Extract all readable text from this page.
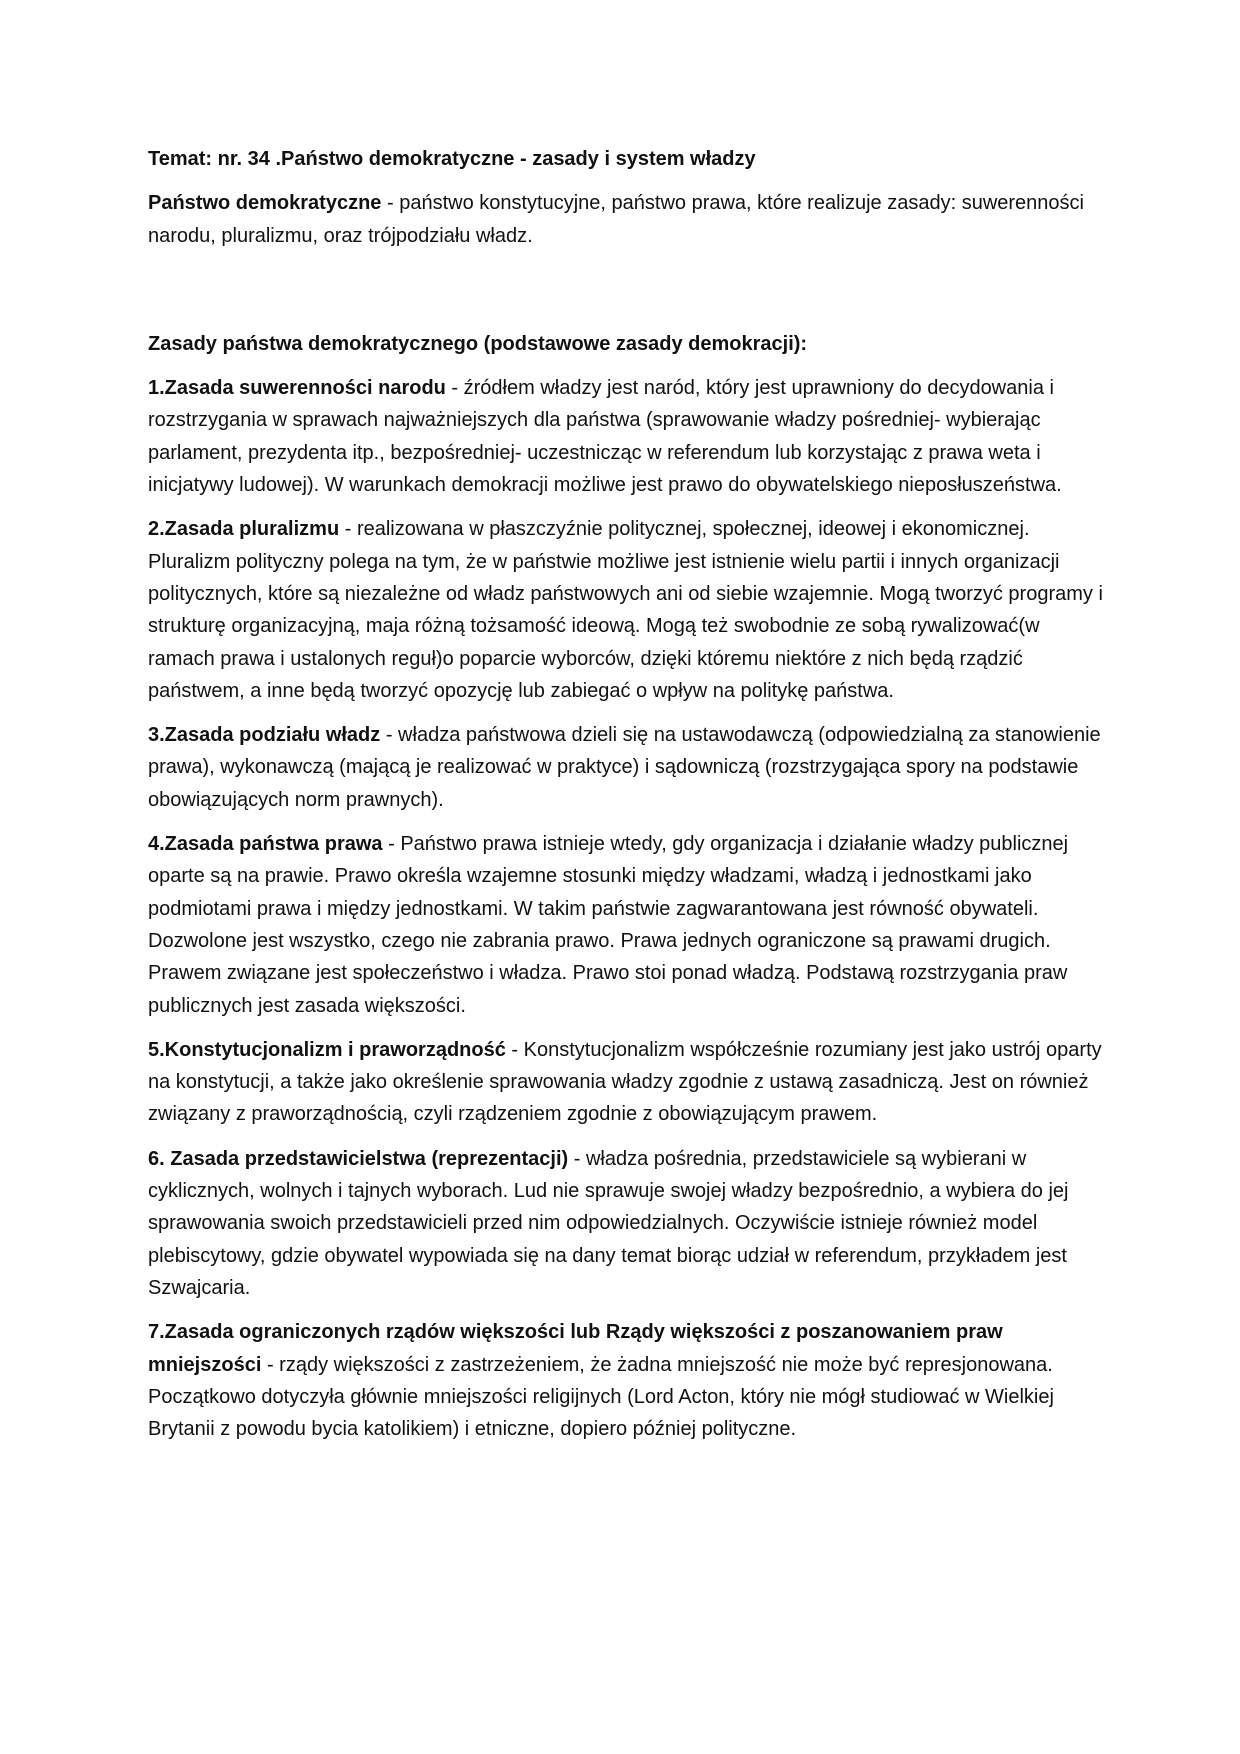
Temat: nr. 34 .Państwo demokratyczne - zasady i system władzy

Państwo demokratyczne - państwo konstytucyjne, państwo prawa, które realizuje zasady: suwerenności narodu, pluralizmu, oraz trójpodziału władz.

Zasady państwa demokratycznego (podstawowe zasady demokracji):

1.Zasada suwerenności narodu - źródłem władzy jest naród, który jest uprawniony do decydowania i rozstrzygania w sprawach najważniejszych dla państwa (sprawowanie władzy pośredniej- wybierając parlament, prezydenta itp., bezpośredniej- uczestnicząc w referendum lub korzystając z prawa weta i inicjatywy ludowej). W warunkach demokracji możliwe jest prawo do obywatelskiego nieposłuszeństwa.

2.Zasada pluralizmu - realizowana w płaszczyźnie politycznej, społecznej, ideowej i ekonomicznej. Pluralizm polityczny polega na tym, że w państwie możliwe jest istnienie wielu partii i innych organizacji politycznych, które są niezależne od władz państwowych ani od siebie wzajemnie. Mogą tworzyć programy i strukturę organizacyjną, maja różną tożsamość ideową. Mogą też swobodnie ze sobą rywalizować(w ramach prawa i ustalonych reguł)o poparcie wyborców, dzięki któremu niektóre z nich będą rządzić państwem, a inne będą tworzyć opozycję lub zabiegać o wpływ na politykę państwa.

3.Zasada podziału władz - władza państwowa dzieli się na ustawodawczą (odpowiedzialną za stanowienie prawa), wykonawczą (mającą je realizować w praktyce) i sądowniczą (rozstrzygająca spory na podstawie obowiązujących norm prawnych).

4.Zasada państwa prawa - Państwo prawa istnieje wtedy, gdy organizacja i działanie władzy publicznej oparte są na prawie. Prawo określa wzajemne stosunki między władzami, władzą i jednostkami jako podmiotami prawa i między jednostkami. W takim państwie zagwarantowana jest równość obywateli. Dozwolone jest wszystko, czego nie zabrania prawo. Prawa jednych ograniczone są prawami drugich. Prawem związane jest społeczeństwo i władza. Prawo stoi ponad władzą. Podstawą rozstrzygania praw publicznych jest zasada większości.

5.Konstytucjonalizm i praworządność - Konstytucjonalizm współcześnie rozumiany jest jako ustrój oparty na konstytucji, a także jako określenie sprawowania władzy zgodnie z ustawą zasadniczą. Jest on również związany z praworządnością, czyli rządzeniem zgodnie z obowiązującym prawem.

6. Zasada przedstawicielstwa (reprezentacji) - władza pośrednia, przedstawiciele są wybierani w cyklicznych, wolnych i tajnych wyborach. Lud nie sprawuje swojej władzy bezpośrednio, a wybiera do jej sprawowania swoich przedstawicieli przed nim odpowiedzialnych. Oczywiście istnieje również model plebiscytowy, gdzie obywatel wypowiada się na dany temat biorąc udział w referendum, przykładem jest Szwajcaria.

7.Zasada ograniczonych rządów większości lub Rządy większości z poszanowaniem praw mniejszości - rządy większości z zastrzeżeniem, że żadna mniejszość nie może być represjonowana. Początkowo dotyczyła głównie mniejszości religijnych (Lord Acton, który nie mógł studiować w Wielkiej Brytanii z powodu bycia katolikiem) i etniczne, dopiero później polityczne.
